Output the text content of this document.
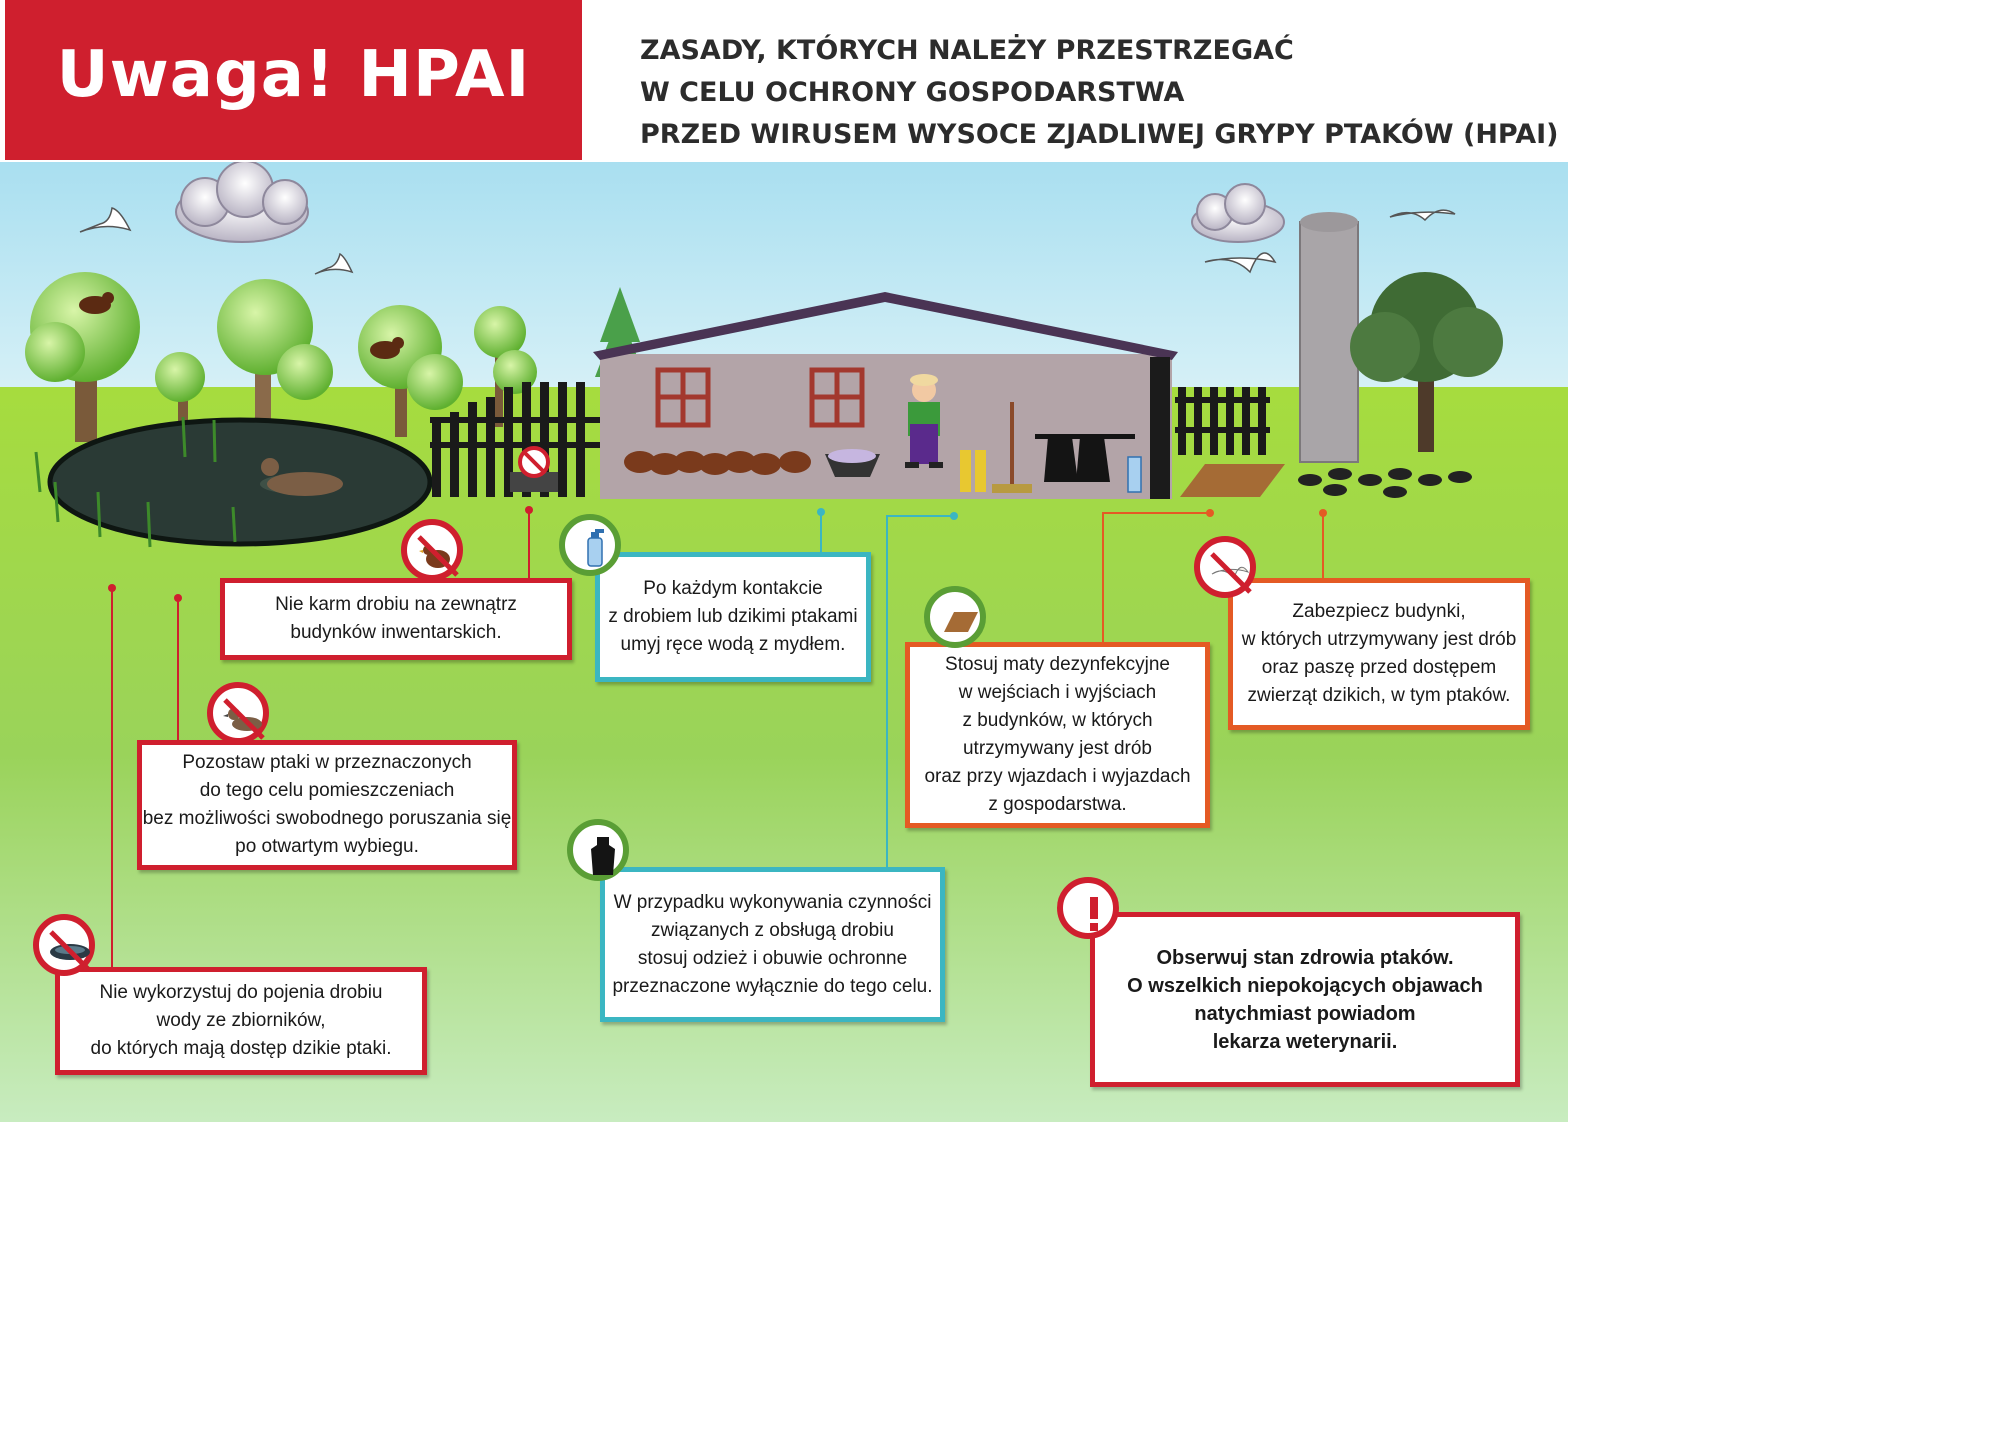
Uwaga! HPAI	ZASADY, KTÓRYCH NALEŻY PRZESTRZEGAĆ
W CELU OCHRONY GOSPODARSTWA
PRZED WIRUSEM WYSOCE ZJADLIWEJ GRYPY PTAKÓW (HPAI)
Nie karm drobiu na zewnątrz
budynków inwentarskich.
Po każdym kontakcie
z drobiem lub dzikimi ptakami
umyj ręce wodą z mydłem.
Stosuj maty dezynfekcyjne
w wejściach i wyjściach
z budynków, w których
utrzymywany jest drób
oraz przy wjazdach i wyjazdach
z gospodarstwa.
Zabezpiecz budynki,
w których utrzymywany jest drób
oraz paszę przed dostępem
zwierząt dzikich, w tym ptaków.
Pozostaw ptaki w przeznaczonych
do tego celu pomieszczeniach
bez możliwości swobodnego poruszania się
po otwartym wybiegu.
W przypadku wykonywania czynności
związanych z obsługą drobiu
stosuj odzież i obuwie ochronne
przeznaczone wyłącznie do tego celu.
Nie wykorzystuj do pojenia drobiu
wody ze zbiorników,
do których mają dostęp dzikie ptaki.
Obserwuj stan zdrowia ptaków.
O wszelkich niepokojących objawach
natychmiast powiadom
lekarza weterynarii.
